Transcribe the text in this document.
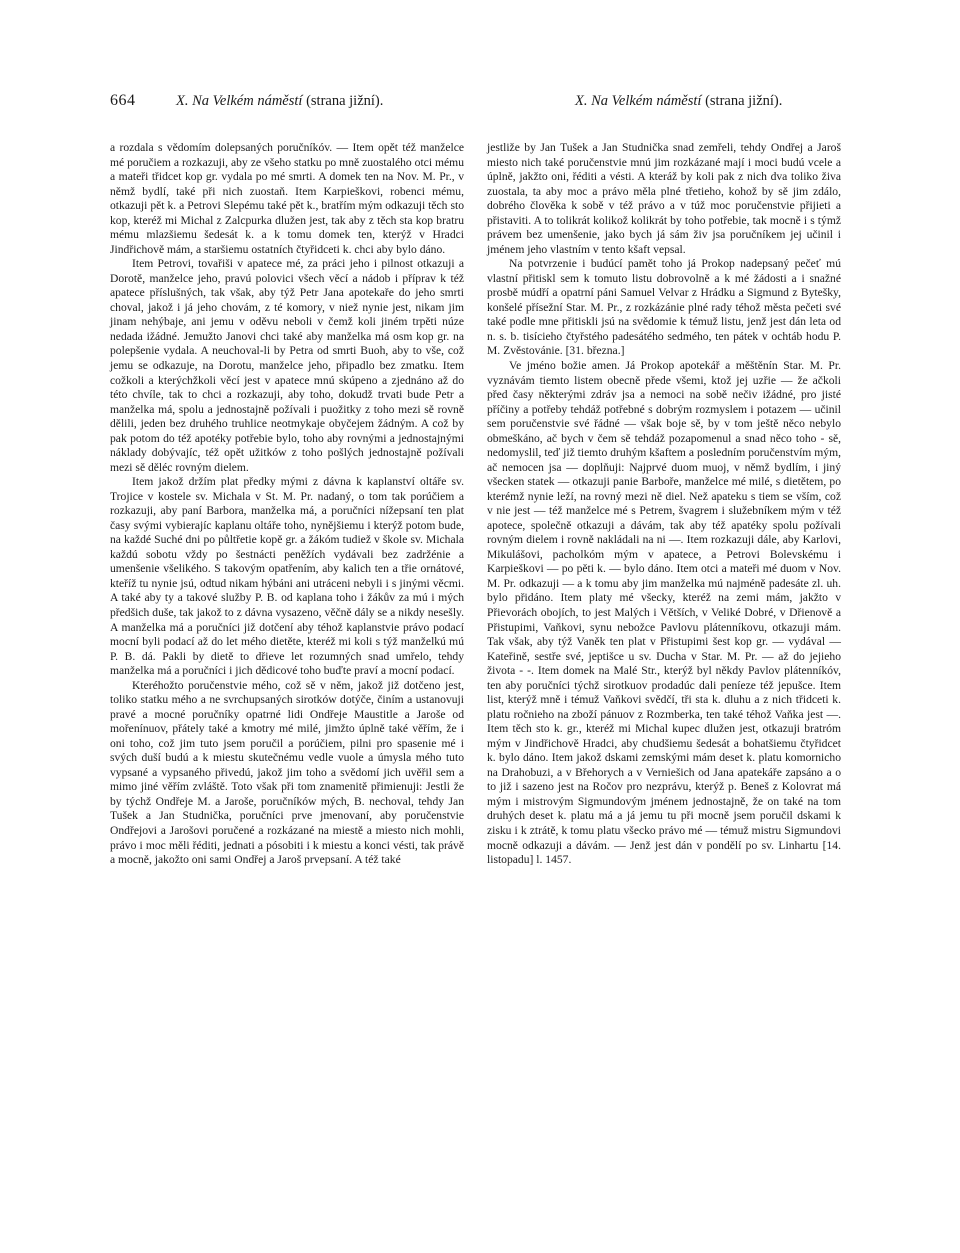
664	X. Na Velkém náměstí (strana jižní).	X. Na Velkém náměstí (strana jižní).

a rozdala s vědomím dolepsaných poručníkóv. — Item opět též manželce mé poručiem a rozkazuji, aby ze všeho statku po mně zuostalého otci mému a mateři třidcet kop gr. vydala po mé smrti. A domek ten na Nov. M. Pr., v němž bydlí, také při nich zuostaň. Item Karpieškovi, robenci mému, otkazuji pět k. a Petrovi Slepému také pět k., bratřím mým odkazuji těch sto kop, kteréž mi Michal z Zalcpurka dlužen jest, tak aby z těch sta kop bratru mému mlazšiemu šedesát k. a k tomu domek ten, kterýž v Hradci Jindřichově mám, a staršiemu ostatních čtyřidceti k. chci aby bylo dáno.

Item Petrovi, tovařiši v apatece mé, za práci jeho i pilnost otkazuji a Dorotě, manželce jeho, pravú polovici všech věcí a nádob i příprav k též apatece příslušných, tak však, aby týž Petr Jana apotekaře do jeho smrti choval, jakož i já jeho chovám, z té komory, v niež nynie jest, nikam jim jinam nehýbaje, ani jemu v oděvu neboli v čemž koli jiném trpěti núze nedada ižádné. Jemužto Janovi chci také aby manželka má osm kop gr. na polepšenie vydala. A neuchoval-li by Petra od smrti Buoh, aby to vše, což jemu se odkazuje, na Dorotu, manželce jeho, připadlo bez zmatku. Item cožkoli a kterýchžkoli věcí jest v apatece mnú skúpeno a zjednáno až do této chvíle, tak to chci a rozkazuji, aby toho, dokudž trvati bude Petr a manželka má, spolu a jednostajně požívali i puožitky z toho mezi sě rovně dělili, jeden bez druhého truhlice neotmykaje obyčejem žádným. A což by pak potom do též apotéky potřebie bylo, toho aby rovnými a jednostajnými náklady dobývajíc, též opět užitków z toho pošlých jednostajně požívali mezi sě děléc rovným dielem.

Item jakož držím plat předky mými z dávna k kaplanství oltáře sv. Trojice v kostele sv. Michala v St. M. Pr. nadaný, o tom tak porúčiem a rozkazuji, aby paní Barbora, manželka má, a poručníci nížepsaní ten plat časy svými vybierajíc kaplanu oltáře toho, nynějšiemu i kterýž potom bude, na každé Suché dni po půltřetie kopě gr. a žákóm tudiež v škole sv. Michala každú sobotu vždy po šestnácti peněžích vydávali bez zadržénie a umenšenie všelikého. S takovým opatřením, aby kalich ten a třie ornátové, kteříž tu nynie jsú, odtud nikam hýbáni ani utráceni nebyli i s jinými věcmi. A také aby ty a takové služby P. B. od kaplana toho i žákův za mú i mých předšich duše, tak jakož to z dávna vysazeno, věčně dály se a nikdy nesešly. A manželka má a poručníci již dotčení aby téhož kaplanstvie právo podací mocní byli podací až do let mého dietěte, kteréž mi koli s týž manželkú mú P. B. dá. Pakli by dietě to dřieve let rozumných snad umřelo, tehdy manželka má a poručníci i jich dědicové toho buďte praví a mocní podací.

Kteréhožto poručenstvie mého, což sě v něm, jakož již dotčeno jest, toliko statku mého a ne svrchupsaných sirotków dotýče, činím a ustanovuji pravé a mocné poručníky opatrné lidi Ondřeje Maustitle a Jaroše od mořenínuov, přátely také a kmotry mé milé, jimžto úplně také věřím, že i oni toho, což jim tuto jsem poručil a porúčiem, pilni pro spasenie mé i svých duší budú a k miestu skutečnému vedle vuole a úmysla mého tuto vypsané a vypsaného přivedú, jakož jim toho a svědomí jich uvěřil sem a mimo jiné věřím zvláště. Toto však při tom znamenitě přimienuji: Jestli že by týchž Ondřeje M. a Jaroše, poručníków mých, B. nechoval, tehdy Jan Tušek a Jan Studnička, poručníci prve jmenovaní, aby poručenstvie Ondřejovi a Jarošovi poručené a rozkázané na miestě a miesto nich mohli, právo i moc měli řéditi, jednati a pósobiti i k miestu a konci vésti, tak právě a mocně, jakožto oni sami Ondřej a Jaroš prvepsaní. A též také

jestliže by Jan Tušek a Jan Studnička snad zemřeli, tehdy Ondřej a Jaroš miesto nich také poručenstvie mnú jim rozkázané mají i moci budú vcele a úplně, jakžto oni, řéditi a vésti. A kteráž by koli pak z nich dva toliko živa zuostala, ta aby moc a právo měla plné třetieho, kohož by sě jim zdálo, dobrého člověka k sobě v též právo a v túž moc poručenstvie přijieti a přistaviti. A to tolikrát kolikož kolikrát by toho potřebie, tak mocně i s týmž právem bez umenšenie, jako bych já sám živ jsa poručníkem jej učinil i jménem jeho vlastním v tento kšaft vepsal.

Na potvrzenie i budúcí pamět toho já Prokop nadepsaný pečeť mú vlastní přitiskl sem k tomuto listu dobrovolně a k mé žádosti a i snažné prosbě múdří a opatrní páni Samuel Velvar z Hrádku a Sigmund z Bytešky, konšelé přísežní Star. M. Pr., z rozkázánie plné rady téhož města pečeti své také podle mne přitiskli jsú na svědomie k témuž listu, jenž jest dán leta od n. s. b. tisícieho čtyřstého padesátého sedmého, ten pátek v ochtáb hodu P. M. Zvěstovánie. [31. března.]

Ve jméno božie amen. Já Prokop apotekář a měštěnín Star. M. Pr. vyznávám tiemto listem obecně přede všemi, ktož jej uzřie — že ačkoli před časy některými zdráv jsa a nemoci na sobě nečiv ižádné, pro jisté příčiny a potřeby tehdáž potřebné s dobrým rozmyslem i potazem — učinil sem poručenstvie své řádné — však boje sě, by v tom ještě něco nebylo obmeškáno, ač bych v čem sě tehdáž pozapomenul a snad něco toho - sě, nedomyslil, teď již tiemto druhým kšaftem a posledním poručenstvím mým, ač nemocen jsa — doplňuji: Najprvé duom muoj, v němž bydlím, i jiný všecken statek — otkazuji panie Barboře, manželce mé milé, s dietětem, po kterémž nynie leží, na rovný mezi ně diel. Než apateku s tiem se vším, což v nie jest — též manželce mé s Petrem, švagrem i služebníkem mým v též apotece, společně otkazuji a dávám, tak aby též apatéky spolu požívali rovným dielem i rovně nakládali na ni —. Item rozkazuji dále, aby Karlovi, Mikulášovi, pacholkóm mým v apatece, a Petrovi Bolevskému i Karpieškovi — po pěti k. — bylo dáno. Item otci a mateři mé duom v Nov. M. Pr. odkazuji — a k tomu aby jim manželka mú najméně padesáte zl. uh. bylo přidáno. Item platy mé všecky, kteréž na zemi mám, jakžto v Přievorách obojích, to jest Malých i Větších, v Veliké Dobré, v Dřienově a Přistupimi, Vaňkovi, synu nebožce Pavlovu plátenníkovu, otkazuji mám. Tak však, aby týž Vaněk ten plat v Přistupimi šest kop gr. — vydával — Kateřině, sestře své, jeptišce u sv. Ducha v Star. M. Pr. — až do jejieho života - -. Item domek na Malé Str., kterýž byl někdy Pavlov plátenníkóv, ten aby poručníci týchž sirotkuov prodadúc dali peníeze též jepušce. Item list, kterýž mně i témuž Vaňkovi svědčí, tři sta k. dluhu a z nich třidceti k. platu ročnieho na zboží pánuov z Rozmberka, ten také téhož Vaňka jest —. Item těch sto k. gr., kteréž mi Michal kupec dlužen jest, otkazuji bratróm mým v Jindřichově Hradci, aby chudšiemu šedesát a bohatšiemu čtyřidcet k. bylo dáno. Item jakož dskami zemskými mám deset k. platu komornicho na Drahobuzi, a v Břehorych a v Verniešich od Jana apatekáře zapsáno a o to již i sazeno jest na Ročov pro nezprávu, kterýž p. Beneš z Kolovrat má mým i mistrovým Sigmundovým jménem jednostajně, že on také na tom druhých deset k. platu má a já jemu tu při mocně jsem poručil dskami k zisku i k ztrátě, k tomu platu všecko právo mé — témuž mistru Sigmundovi mocně odkazuji a dávám. — Jenž jest dán v pondělí po sv. Linhartu [14. listopadu] l. 1457.
